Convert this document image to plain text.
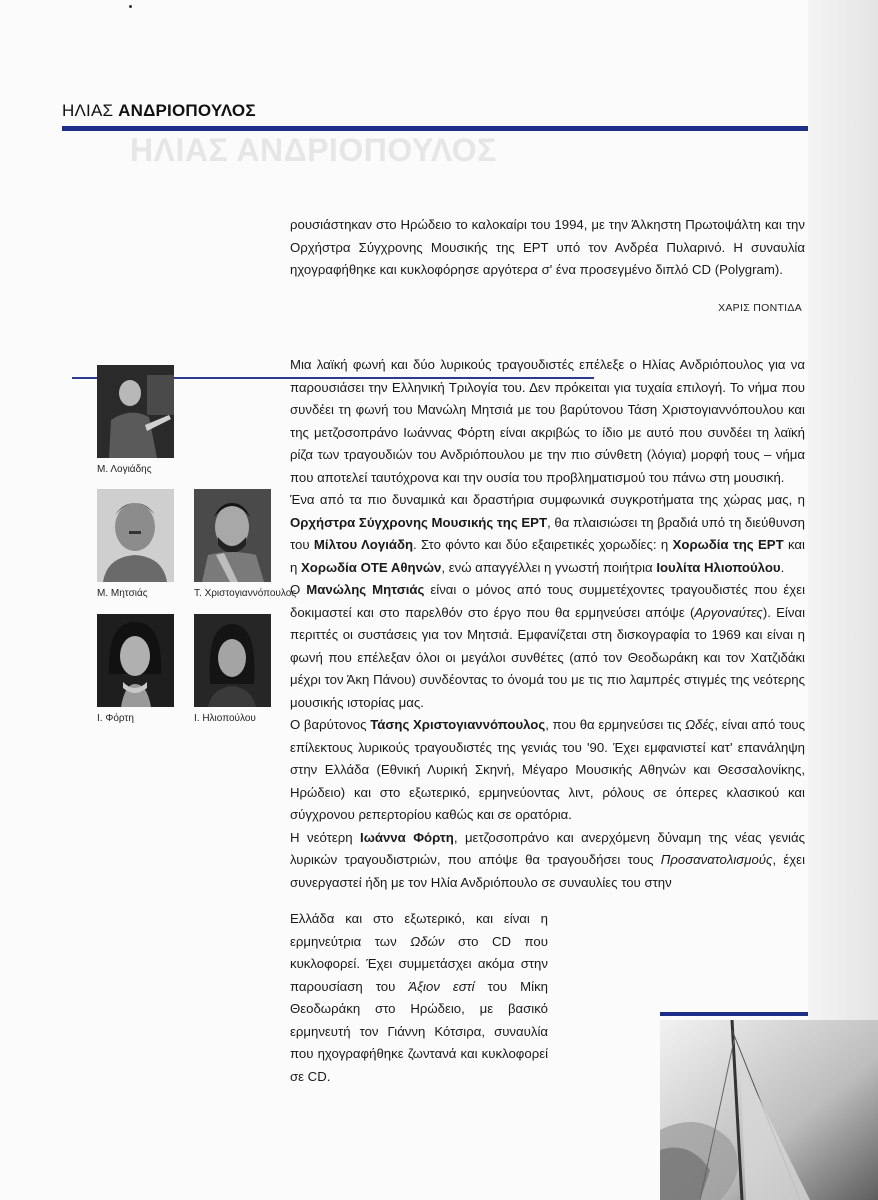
ΗΛΙΑΣ ΑΝΔΡΙΟΠΟΥΛΟΣ
ΗΛΙΑΣ ΑΝΔΡΙΟΠΟΥΛΟΣ

ρουσιάστηκαν στο Ηρώδειο το καλοκαίρι του 1994, με την Άλκηστη Πρωτοψάλτη και την Ορχήστρα Σύγχρονης Μουσικής της ΕΡΤ υπό τον Ανδρέα Πυλαρινό. Η συναυλία ηχογραφήθηκε και κυκλοφόρησε αργότερα σ' ένα προσεγμένο διπλό CD (Polygram).

ΧΑΡΙΣ ΠΟΝΤΙΔΑ
Μ. Λογιάδης
Μ. Μητσιάς	Τ. Χριστογιαννόπουλος
Ι. Φόρτη	Ι. Ηλιοπούλου

Μια λαϊκή φωνή και δύο λυρικούς τραγουδιστές επέλεξε ο Ηλίας Ανδριόπουλος για να παρουσιάσει την Ελληνική Τριλογία του. Δεν πρόκειται για τυχαία επιλογή. Το νήμα που συνδέει τη φωνή του Μανώλη Μητσιά με του βαρύτονου Τάση Χριστογιαννόπουλου και της μετζοσοπράνο Ιωάννας Φόρτη είναι ακριβώς το ίδιο με αυτό που συνδέει τη λαϊκή ρίζα των τραγουδιών του Ανδριόπουλου με την πιο σύνθετη (λόγια) μορφή τους – νήμα που αποτελεί ταυτόχρονα και την ουσία του προβληματισμού του πάνω στη μουσική.

Ένα από τα πιο δυναμικά και δραστήρια συμφωνικά συγκροτήματα της χώρας μας, η Ορχήστρα Σύγχρονης Μουσικής της ΕΡΤ, θα πλαισιώσει τη βραδιά υπό τη διεύθυνση του Μίλτου Λογιάδη. Στο φόντο και δύο εξαιρετικές χορωδίες: η Χορωδία της ΕΡΤ και η Χορωδία ΟΤΕ Αθηνών, ενώ απαγγέλλει η γνωστή ποιήτρια Ιουλίτα Ηλιοπούλου.

Ο Μανώλης Μητσιάς είναι ο μόνος από τους συμμετέχοντες τραγουδιστές που έχει δοκιμαστεί και στο παρελθόν στο έργο που θα ερμηνεύσει απόψε (Αργοναύτες). Είναι περιττές οι συστάσεις για τον Μητσιά. Εμφανίζεται στη δισκογραφία το 1969 και είναι η φωνή που επέλεξαν όλοι οι μεγάλοι συνθέτες (από τον Θεοδωράκη και τον Χατζιδάκι μέχρι τον Άκη Πάνου) συνδέοντας το όνομά του με τις πιο λαμπρές στιγμές της νεότερης μουσικής ιστορίας μας.

Ο βαρύτονος Τάσης Χριστογιαννόπουλος, που θα ερμηνεύσει τις Ωδές, είναι από τους επίλεκτους λυρικούς τραγουδιστές της γενιάς του '90. Έχει εμφανιστεί κατ' επανάληψη στην Ελλάδα (Εθνική Λυρική Σκηνή, Μέγαρο Μουσικής Αθηνών και Θεσσαλονίκης, Ηρώδειο) και στο εξωτερικό, ερμηνεύοντας λιντ, ρόλους σε όπερες κλασικού και σύγχρονου ρεπερτορίου καθώς και σε ορατόρια.

Η νεότερη Ιωάννα Φόρτη, μετζοσοπράνο και ανερχόμενη δύναμη της νέας γενιάς λυρικών τραγουδιστριών, που απόψε θα τραγουδήσει τους Προσανατολισμούς, έχει συνεργαστεί ήδη με τον Ηλία Ανδριόπουλο σε συναυλίες του στην

Ελλάδα και στο εξωτερικό, και είναι η ερμηνεύτρια των Ωδών στο CD που κυκλοφορεί. Έχει συμμετάσχει ακόμα στην παρουσίαση του Άξιον εστί του Μίκη Θεοδωράκη στο Ηρώδειο, με βασικό ερμηνευτή τον Γιάννη Κότσιρα, συναυλία που ηχογραφήθηκε ζωντανά και κυκλοφορεί σε CD.
